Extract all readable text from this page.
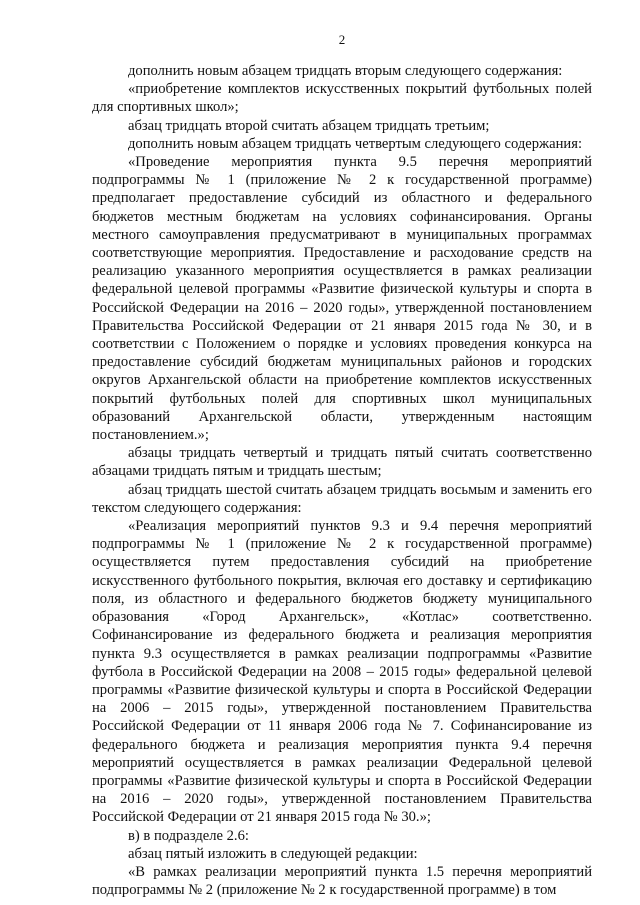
2

дополнить новым абзацем тридцать вторым следующего содержания:

«приобретение комплектов искусственных покрытий футбольных полей для спортивных школ»;

абзац тридцать второй считать абзацем тридцать третьим;

дополнить новым абзацем тридцать четвертым следующего содержания:

«Проведение мероприятия пункта 9.5 перечня мероприятий подпрограммы № 1 (приложение № 2 к государственной программе) предполагает предоставление субсидий из областного и федерального бюджетов местным бюджетам на условиях софинансирования. Органы местного самоуправления предусматривают в муниципальных программах соответствующие мероприятия. Предоставление и расходование средств на реализацию указанного мероприятия осуществляется в рамках реализации федеральной целевой программы «Развитие физической культуры и спорта в Российской Федерации на 2016 – 2020 годы», утвержденной постановлением Правительства Российской Федерации от 21 января 2015 года № 30, и в соответствии с Положением о порядке и условиях проведения конкурса на предоставление субсидий бюджетам муниципальных районов и городских округов Архангельской области на приобретение комплектов искусственных покрытий футбольных полей для спортивных школ муниципальных образований Архангельской области, утвержденным настоящим постановлением.»;

абзацы тридцать четвертый и тридцать пятый считать соответственно абзацами тридцать пятым и тридцать шестым;

абзац тридцать шестой считать абзацем тридцать восьмым и заменить его текстом следующего содержания:

«Реализация мероприятий пунктов 9.3 и 9.4 перечня мероприятий подпрограммы № 1 (приложение № 2 к государственной программе) осуществляется путем предоставления субсидий на приобретение искусственного футбольного покрытия, включая его доставку и сертификацию поля, из областного и федерального бюджетов бюджету муниципального образования «Город Архангельск», «Котлас» соответственно. Софинансирование из федерального бюджета и реализация мероприятия пункта 9.3 осуществляется в рамках реализации подпрограммы «Развитие футбола в Российской Федерации на 2008 – 2015 годы» федеральной целевой программы «Развитие физической культуры и спорта в Российской Федерации на 2006 – 2015 годы», утвержденной постановлением Правительства Российской Федерации от 11 января 2006 года № 7. Софинансирование из федерального бюджета и реализация мероприятия пункта 9.4 перечня мероприятий осуществляется в рамках реализации Федеральной целевой программы «Развитие физической культуры и спорта в Российской Федерации на 2016 – 2020 годы», утвержденной постановлением Правительства Российской Федерации от 21 января 2015 года № 30.»;

в) в подразделе 2.6:

абзац пятый изложить в следующей редакции:

«В рамках реализации мероприятий пункта 1.5 перечня мероприятий подпрограммы № 2 (приложение № 2 к государственной программе) в том
